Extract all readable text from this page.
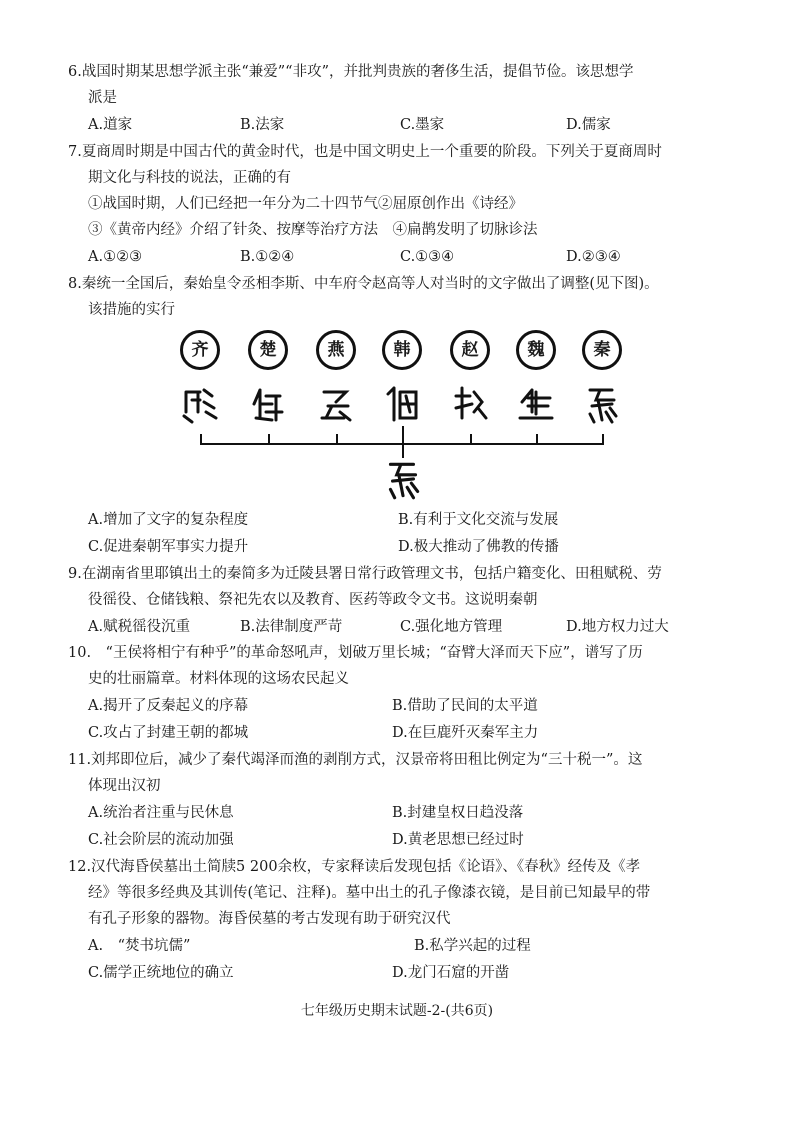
6.战国时期某思想学派主张“兼爱”“非攻”，并批判贵族的奢侈生活，提倡节俭。该思想学
派是
A.道家	B.法家	C.墨家	D.儒家
7.夏商周时期是中国古代的黄金时代，也是中国文明史上一个重要的阶段。下列关于夏商周时
期文化与科技的说法，正确的有
①战国时期，人们已经把一年分为二十四节气②屈原创作出《诗经》
③《黄帝内经》介绍了针灸、按摩等治疗方法　④扁鹊发明了切脉诊法
A.①②③	B.①②④	C.①③④	D.②③④
8.秦统一全国后，秦始皇令丞相李斯、中车府令赵高等人对当时的文字做出了调整(见下图)。
该措施的实行
齐	楚	燕	韩	赵	魏	秦
A.增加了文字的复杂程度	B.有利于文化交流与发展
C.促进秦朝军事实力提升	D.极大推动了佛教的传播
9.在湖南省里耶镇出土的秦简多为迁陵县署日常行政管理文书，包括户籍变化、田租赋税、劳
役徭役、仓储钱粮、祭祀先农以及教育、医药等政令文书。这说明秦朝
A.赋税徭役沉重	B.法律制度严苛	C.强化地方管理	D.地方权力过大
10.　“王侯将相宁有种乎”的革命怒吼声，划破万里长城；“奋臂大泽而天下应”，谱写了历
史的壮丽篇章。材料体现的这场农民起义
A.揭开了反秦起义的序幕	B.借助了民间的太平道
C.攻占了封建王朝的都城	D.在巨鹿歼灭秦军主力
11.刘邦即位后，减少了秦代竭泽而渔的剥削方式，汉景帝将田租比例定为“三十税一”。这
体现出汉初
A.统治者注重与民休息	B.封建皇权日趋没落
C.社会阶层的流动加强	D.黄老思想已经过时
12.汉代海昏侯墓出土简牍5 200余枚，专家释读后发现包括《论语》、《春秋》经传及《孝
经》等很多经典及其训传(笔记、注释)。墓中出土的孔子像漆衣镜，是目前已知最早的带
有孔子形象的器物。海昏侯墓的考古发现有助于研究汉代
A.　“焚书坑儒”	B.私学兴起的过程
C.儒学正统地位的确立	D.龙门石窟的开凿
七年级历史期末试题-2-(共6页)
